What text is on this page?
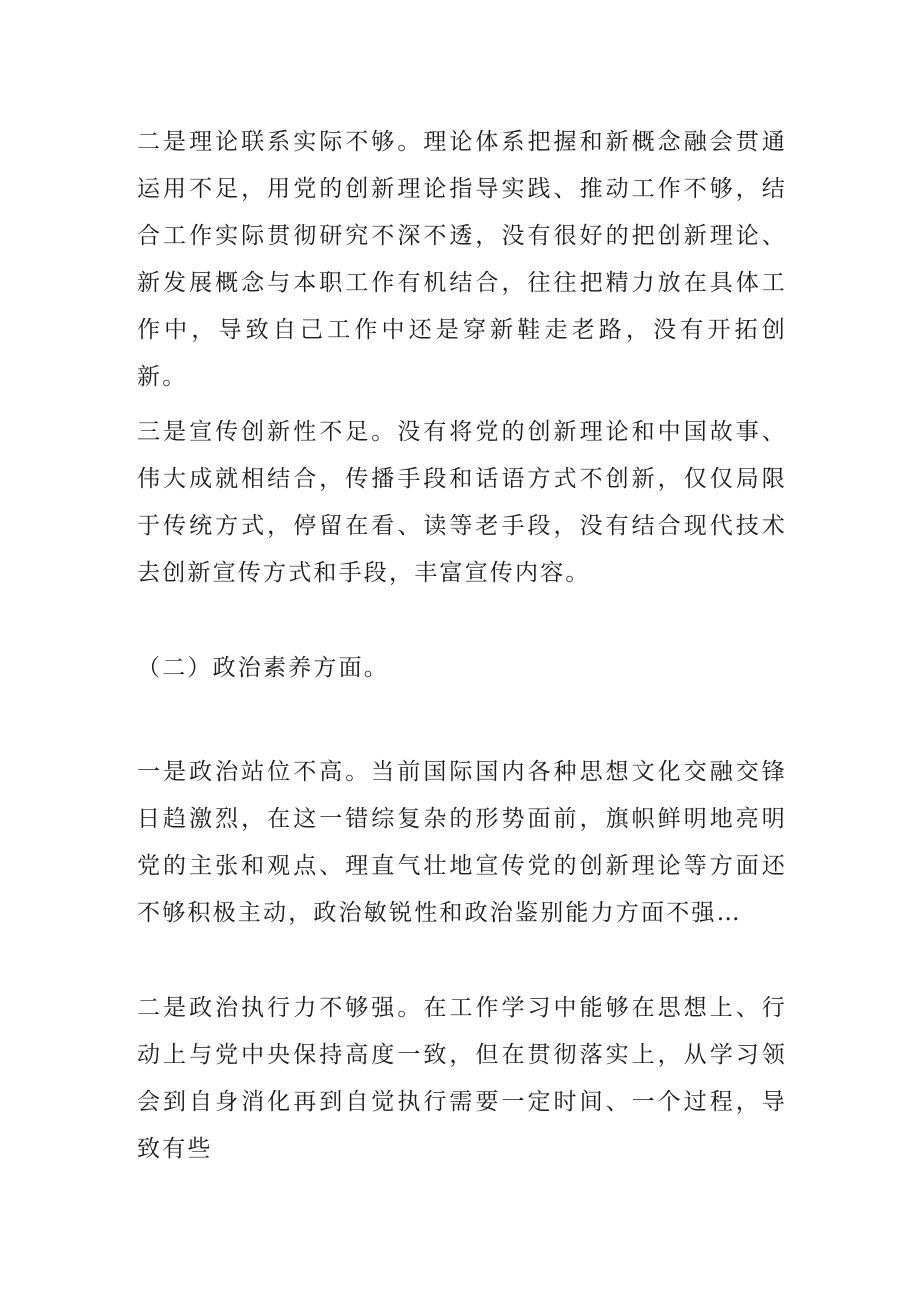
二是理论联系实际不够。理论体系把握和新概念融会贯通运用不足，用党的创新理论指导实践、推动工作不够，结合工作实际贯彻研究不深不透，没有很好的把创新理论、新发展概念与本职工作有机结合，往往把精力放在具体工作中，导致自己工作中还是穿新鞋走老路，没有开拓创新。

三是宣传创新性不足。没有将党的创新理论和中国故事、伟大成就相结合，传播手段和话语方式不创新，仅仅局限于传统方式，停留在看、读等老手段，没有结合现代技术去创新宣传方式和手段，丰富宣传内容。

（二）政治素养方面。

一是政治站位不高。当前国际国内各种思想文化交融交锋日趋激烈，在这一错综复杂的形势面前，旗帜鲜明地亮明党的主张和观点、理直气壮地宣传党的创新理论等方面还不够积极主动，政治敏锐性和政治鉴别能力方面不强…

二是政治执行力不够强。在工作学习中能够在思想上、行动上与党中央保持高度一致，但在贯彻落实上，从学习领会到自身消化再到自觉执行需要一定时间、一个过程，导致有些
